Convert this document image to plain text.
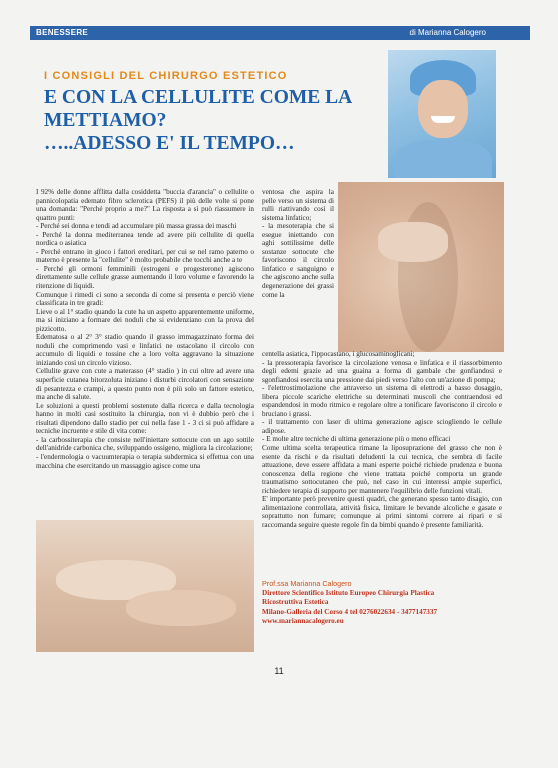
BENESSERE	di Marianna Calogero
I CONSIGLI DEL CHIRURGO ESTETICO
E CON LA CELLULITE COME LA
METTIAMO?
…..ADESSO E' IL TEMPO…

I 92% delle donne afflitta dalla cosiddetta "buccia d'arancia" o cellulite o pannicolopatia edemato fibro sclerotica (PEFS) il più delle volte si pone una domanda: "Perché proprio a me?" La risposta a sì può riassumere in quattro punti:

- Perché sei donna e tendi ad accumulare più massa grassa dei maschi

- Perché la donna mediterranea tende ad avere più cellulite di quella nordica o asiatica

- Perché entrano in gioco i fattori ereditari, per cui se nel ramo paterno o materno è presente la "cellulite" è molto probabile che tocchi anche a te

- Perché gli ormoni femminili (estrogeni e progesterone) agiscono direttamente sulle cellule grasse aumentando il loro volume e favorendo la ritenzione di liquidi.

Comunque i rimedi ci sono a seconda di come si presenta e perciò viene classificata in tre gradi:

Lieve o al 1° stadio quando la cute ha un aspetto apparentemente uniforme, ma si iniziano a formare dei noduli che si evidenziano con la prova del pizzicotto.

Edematosa o al 2° 3° stadio quando il grasso immagazzinato forma dei noduli che comprimendo vasi e linfatici ne ostacolano il circolo con accumulo di liquidi e tossine che a loro volta aggravano la situazione iniziando così un circolo vizioso.

Cellulite grave con cute a materasso (4° stadio ) in cui oltre ad avere una superficie cutanea bitorzoluta iniziano i disturbi circolatori con sensazione di pesantezza e crampi, a questo punto non è più solo un fattore estetico, ma anche di salute.

Le soluzioni a questi problemi sostenute dalla ricerca e dalla tecnologia hanno in molti casi sostituito la chirurgia, non vi è dubbio però che i risultati dipendono dallo stadio per cui nella fase 1 - 3 ci si può affidare a tecniche incruente e stile di vita come:

- la carbossiterapia che consiste nell'iniettare sottocute con un ago sottile dell'anidride carbonica che, sviluppando ossigeno, migliora la circolazione;

- l'endermologia o vacuumterapia o terapia subdermica si effettua con una macchina che esercitando un massaggio agisce come una

ventosa che aspira la pelle verso un sistema di rulli riattivando così il sistema linfatico;

- la mesoterapia che si esegue iniettando con aghi sottilissime delle sostanze sottocute che favoriscono il circolo linfatico e sanguigno e che agiscono anche sulla degenerazione dei grassi come la

centella asiatica, l'ippocastano, i glucosaminoglicani;

- la pressoterapia favorisce la circolazione venosa e linfatica e il riassorbimento degli edemi grazie ad una guaina a forma di gambale che gonfiandosi e sgonfiandosi esercita una pressione dai piedi verso l'alto con un'azione di pompa;

- l'elettrostimolazione che attraverso un sistema di elettrodi a basso dosaggio, libera piccole scariche elettriche su determinati muscoli che contraendosi ed espandendosi in modo ritmico e regolare oltre a tonificare favoriscono il circolo e bruciano i grassi.

- il trattamento con laser di ultima generazione agisce sciogliendo le cellule adipose.

- E molte altre tecniche di ultima generazione più o meno efficaci

Come ultima scelta terapeutica rimane la liposuprazione del grasso che non è esente da rischi e da risultati deludenti la cui tecnica, che sembra di facile attuazione, deve essere affidata a mani esperte poiché richiede prudenza e buona conoscenza della regione che viene trattata poiché comporta un grande traumatismo sottocutaneo che può, nel caso in cui interessi ampie superfici, richiedere terapia di supporto per mantenere l'equilibrio delle funzioni vitali.

E' importante però prevenire questi quadri, che generano spesso tanto disagio, con alimentazione controllata, attività fisica, limitare le bevande alcoliche e gasate e soprattutto non fumare; comunque ai primi sintomi correre ai ripari e si raccomanda seguire queste regole fin da bimbi quando è presente familiarità.

Prof.ssa Marianna Calogero
Direttore Scientifico Istituto Europeo Chirurgia Plastica
Ricostruttiva Estetica
Milano-Galleria del Corso 4 tel 0276022634 - 3477147337
www.mariannacalogero.eu
11
